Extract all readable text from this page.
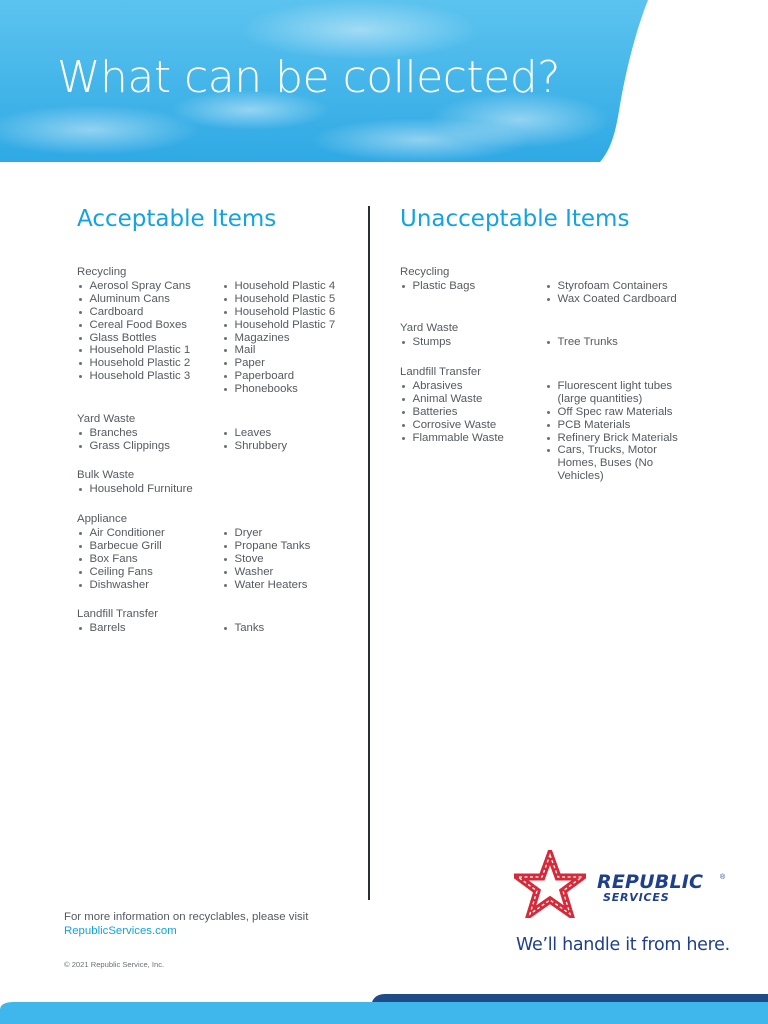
What can be collected?
Acceptable Items	Unacceptable Items
Recycling
Aerosol Spray Cans
Aluminum Cans
Cardboard
Cereal Food Boxes
Glass Bottles
Household Plastic 1
Household Plastic 2
Household Plastic 3
Household Plastic 4
Household Plastic 5
Household Plastic 6
Household Plastic 7
Magazines
Mail
Paper
Paperboard
Phonebooks
Yard Waste
Branches
Grass Clippings
Leaves
Shrubbery
Bulk Waste
Household Furniture
Appliance
Air Conditioner
Barbecue Grill
Box Fans
Ceiling Fans
Dishwasher
Dryer
Propane Tanks
Stove
Washer
Water Heaters
Landfill Transfer
Barrels	Tanks
Recycling
Plastic Bags	Styrofoam Containers
Wax Coated Cardboard
Yard Waste
Stumps	Tree Trunks
Landfill Transfer
Abrasives
Animal Waste
Batteries
Corrosive Waste
Flammable Waste
Fluorescent light tubes (large quantities)
Off Spec raw Materials
PCB Materials
Refinery Brick Materials
Cars, Trucks, Motor Homes, Buses (No Vehicles)
For more information on recyclables, please visit
RepublicServices.com
© 2021 Republic Service, Inc.
REPUBLIC
SERVICES
®
We’ll handle it from here.
